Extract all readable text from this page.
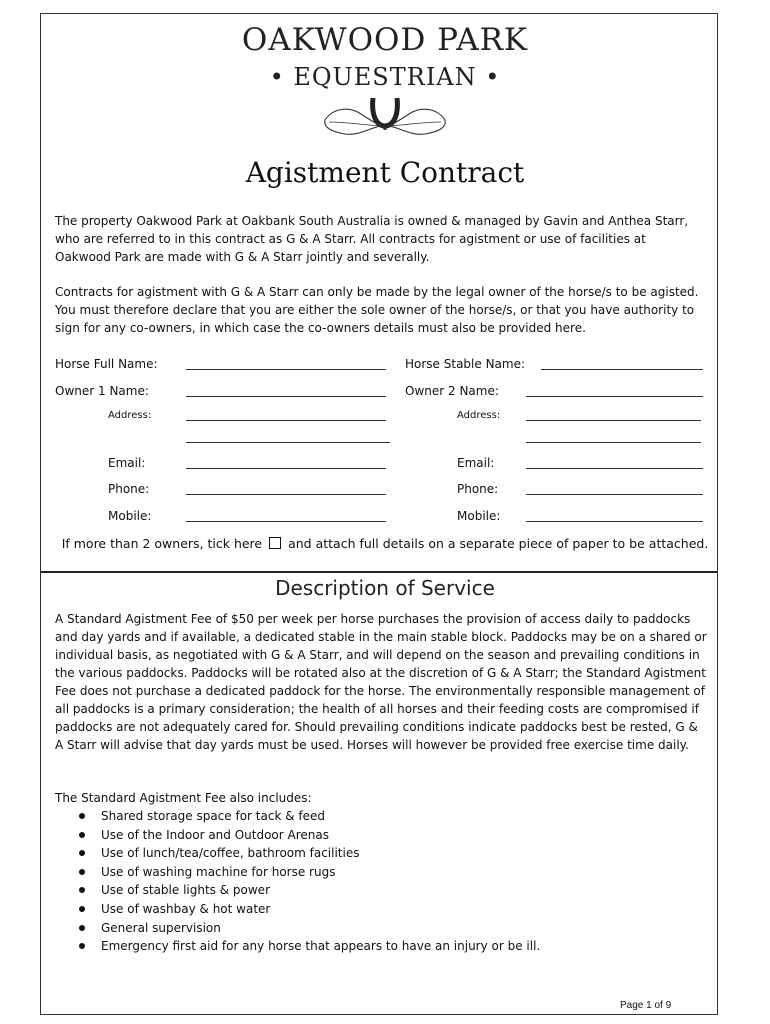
OAKWOOD PARK
• EQUESTRIAN •
Agistment Contract

The property Oakwood Park at Oakbank South Australia is owned & managed by Gavin and Anthea Starr, who are referred to in this contract as G & A Starr. All contracts for agistment or use of facilities at Oakwood Park are made with G & A Starr jointly and severally.

Contracts for agistment with G & A Starr can only be made by the legal owner of the horse/s to be agisted. You must therefore declare that you are either the sole owner of the horse/s, or that you have authority to sign for any co-owners, in which case the co-owners details must also be provided here.

Horse Full Name:	Horse Stable Name:
Owner 1 Name:	Owner 2 Name:
Address:	Address:
Email:	Email:
Phone:	Phone:
Mobile:	Mobile:
If more than 2 owners, tick here and attach full details on a separate piece of paper to be attached.
Description of Service

A Standard Agistment Fee of $50 per week per horse purchases the provision of access daily to paddocks and day yards and if available, a dedicated stable in the main stable block. Paddocks may be on a shared or individual basis, as negotiated with G & A Starr, and will depend on the season and prevailing conditions in the various paddocks. Paddocks will be rotated also at the discretion of G & A Starr; the Standard Agistment Fee does not purchase a dedicated paddock for the horse. The environmentally responsible management of all paddocks is a primary consideration; the health of all horses and their feeding costs are compromised if paddocks are not adequately cared for. Should prevailing conditions indicate paddocks best be rested, G & A Starr will advise that day yards must be used. Horses will however be provided free exercise time daily.

The Standard Agistment Fee also includes:

Shared storage space for tack & feed
Use of the Indoor and Outdoor Arenas
Use of lunch/tea/coffee, bathroom facilities
Use of washing machine for horse rugs
Use of stable lights & power
Use of washbay & hot water
General supervision
Emergency first aid for any horse that appears to have an injury or be ill.
Page 1 of 9
